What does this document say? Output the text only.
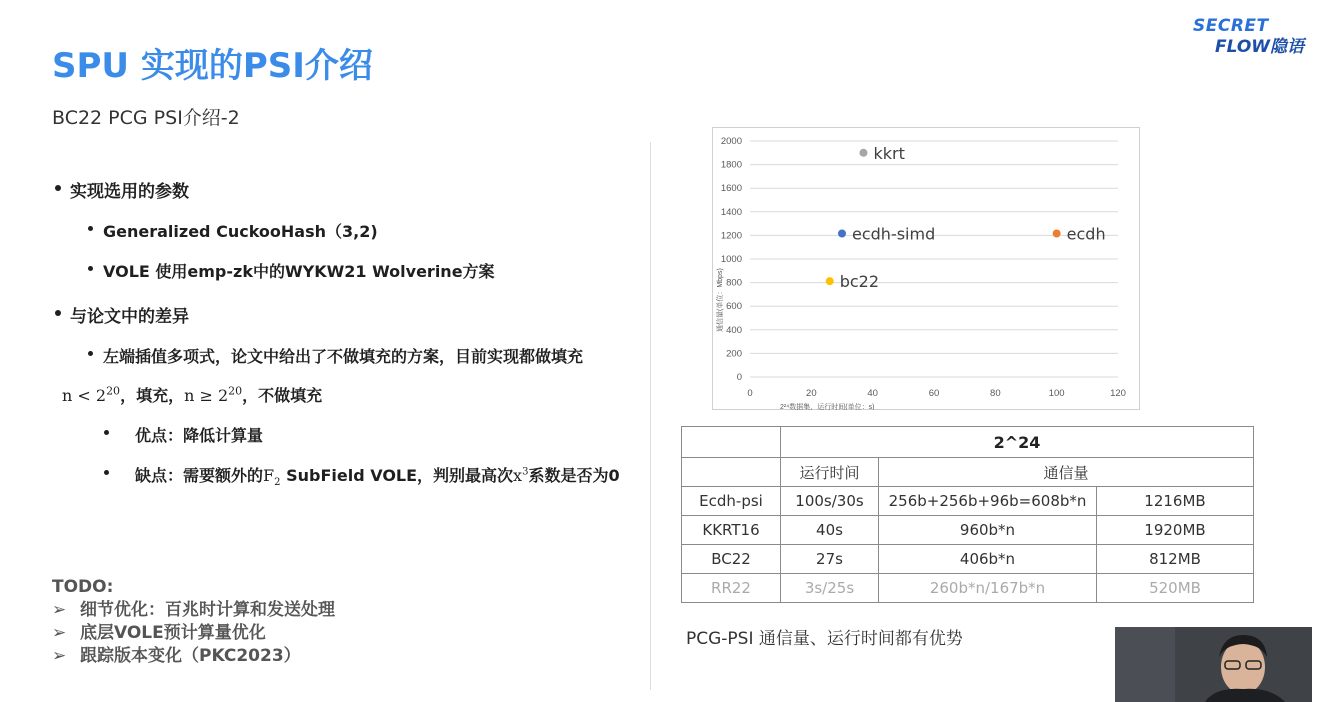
SPU 实现的PSI介绍
BC22 PCG PSI介绍-2
SECRET
FLOW隐语
实现选用的参数
Generalized CuckooHash（3,2)
VOLE 使用emp-zk中的WYKW21 Wolverine方案
与论文中的差异
左端插值多项式，论文中给出了不做填充的方案，目前实现都做填充
$n < 2^{20}$，填充，$n \ge 2^{20}$，不做填充
优点：降低计算量
缺点：需要额外的$F_2$ SubField VOLE，判别最高次$x^3$系数是否为0
TODO:
➢ 细节优化：百兆时计算和发送处理
➢ 底层VOLE预计算量优化
➢ 跟踪版本变化（PKC2023）
0
200
400
600
800
1000
1200
1400
1600
1800
2000
0	20	40	60	80	100	120
kkrt
ecdh-simd	ecdh
bc22
通信量(单位：Mbps)
2²⁴数据集，运行时间(单位：s)
	2^24		
	运行时间	通信量	
Ecdh-psi	100s/30s	256b+256b+96b=608b*n	1216MB
KKRT16	40s	960b*n	1920MB
BC22	27s	406b*n	812MB
RR22	3s/25s	260b*n/167b*n	520MB
PCG-PSI 通信量、运行时间都有优势
